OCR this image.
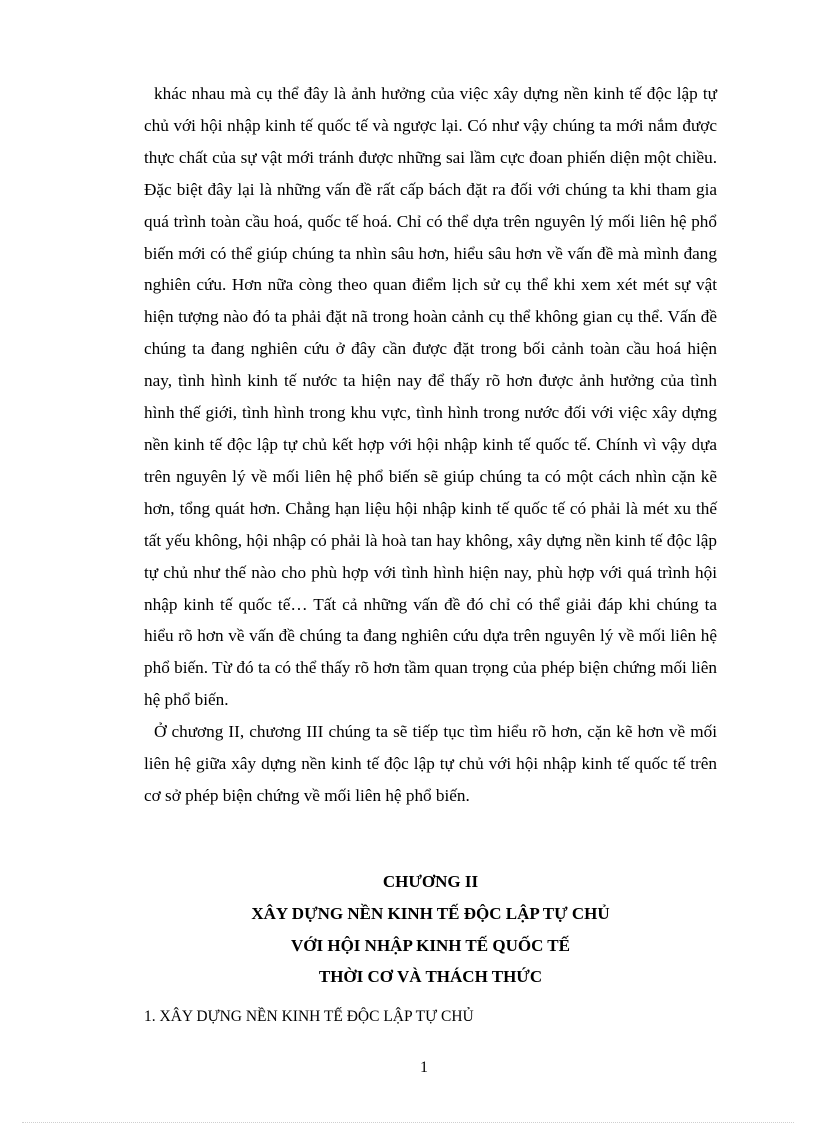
khác nhau mà cụ thể đây là ảnh hưởng của việc xây dựng nền kinh tế độc lập tự chủ với hội nhập kinh tế quốc tế và ngược lại. Có như vậy chúng ta mới nắm được thực chất của sự vật mới tránh được những sai lầm cực đoan phiến diện một chiều. Đặc biệt đây lại là những vấn đề rất cấp bách đặt ra đối với chúng ta khi tham gia quá trình toàn cầu hoá, quốc tế hoá. Chỉ có thể dựa trên nguyên lý mối liên hệ phổ biến mới có thể giúp chúng ta nhìn sâu hơn, hiểu sâu hơn về vấn đề mà mình đang nghiên cứu. Hơn nữa còng theo quan điểm lịch sử cụ thể khi xem xét mét sự vật hiện tượng nào đó ta phải đặt nã trong hoàn cảnh cụ thể không gian cụ thể. Vấn đề chúng ta đang nghiên cứu ở đây cần được đặt trong bối cảnh toàn cầu hoá hiện nay, tình hình kinh tế nước ta hiện nay để thấy rõ hơn được ảnh hưởng của tình hình thế giới, tình hình trong khu vực, tình hình trong nước đối với việc xây dựng nền kinh tế độc lập tự chủ kết hợp với hội nhập kinh tế quốc tế. Chính vì vậy dựa trên nguyên lý về mối liên hệ phổ biến sẽ giúp chúng ta có một cách nhìn cặn kẽ hơn, tổng quát hơn. Chẳng hạn liệu hội nhập kinh tế quốc tế có phải là mét xu thế tất yếu không, hội nhập có phải là hoà tan hay không, xây dựng nền kinh tế độc lập tự chủ như thế nào cho phù hợp với tình hình hiện nay, phù hợp với quá trình hội nhập kinh tế quốc tế… Tất cả những vấn đề đó chỉ có thể giải đáp khi chúng ta hiểu rõ hơn về vấn đề chúng ta đang nghiên cứu dựa trên nguyên lý về mối liên hệ phổ biến. Từ đó ta có thể thấy rõ hơn tầm quan trọng của phép biện chứng mối liên hệ phổ biến.

Ở chương II, chương III chúng ta sẽ tiếp tục tìm hiểu rõ hơn, cặn kẽ hơn về mối liên hệ giữa xây dựng nền kinh tế độc lập tự chủ với hội nhập kinh tế quốc tế trên cơ sở phép biện chứng về mối liên hệ phổ biến.

CHƯƠNG II
XÂY DỰNG NỀN KINH TẾ ĐỘC LẬP TỰ CHỦ
VỚI HỘI NHẬP KINH TẾ QUỐC TẾ
THỜI CƠ VÀ THÁCH THỨC
1. XÂY DỰNG NỀN KINH TẾ ĐỘC LẬP TỰ CHỦ
1
